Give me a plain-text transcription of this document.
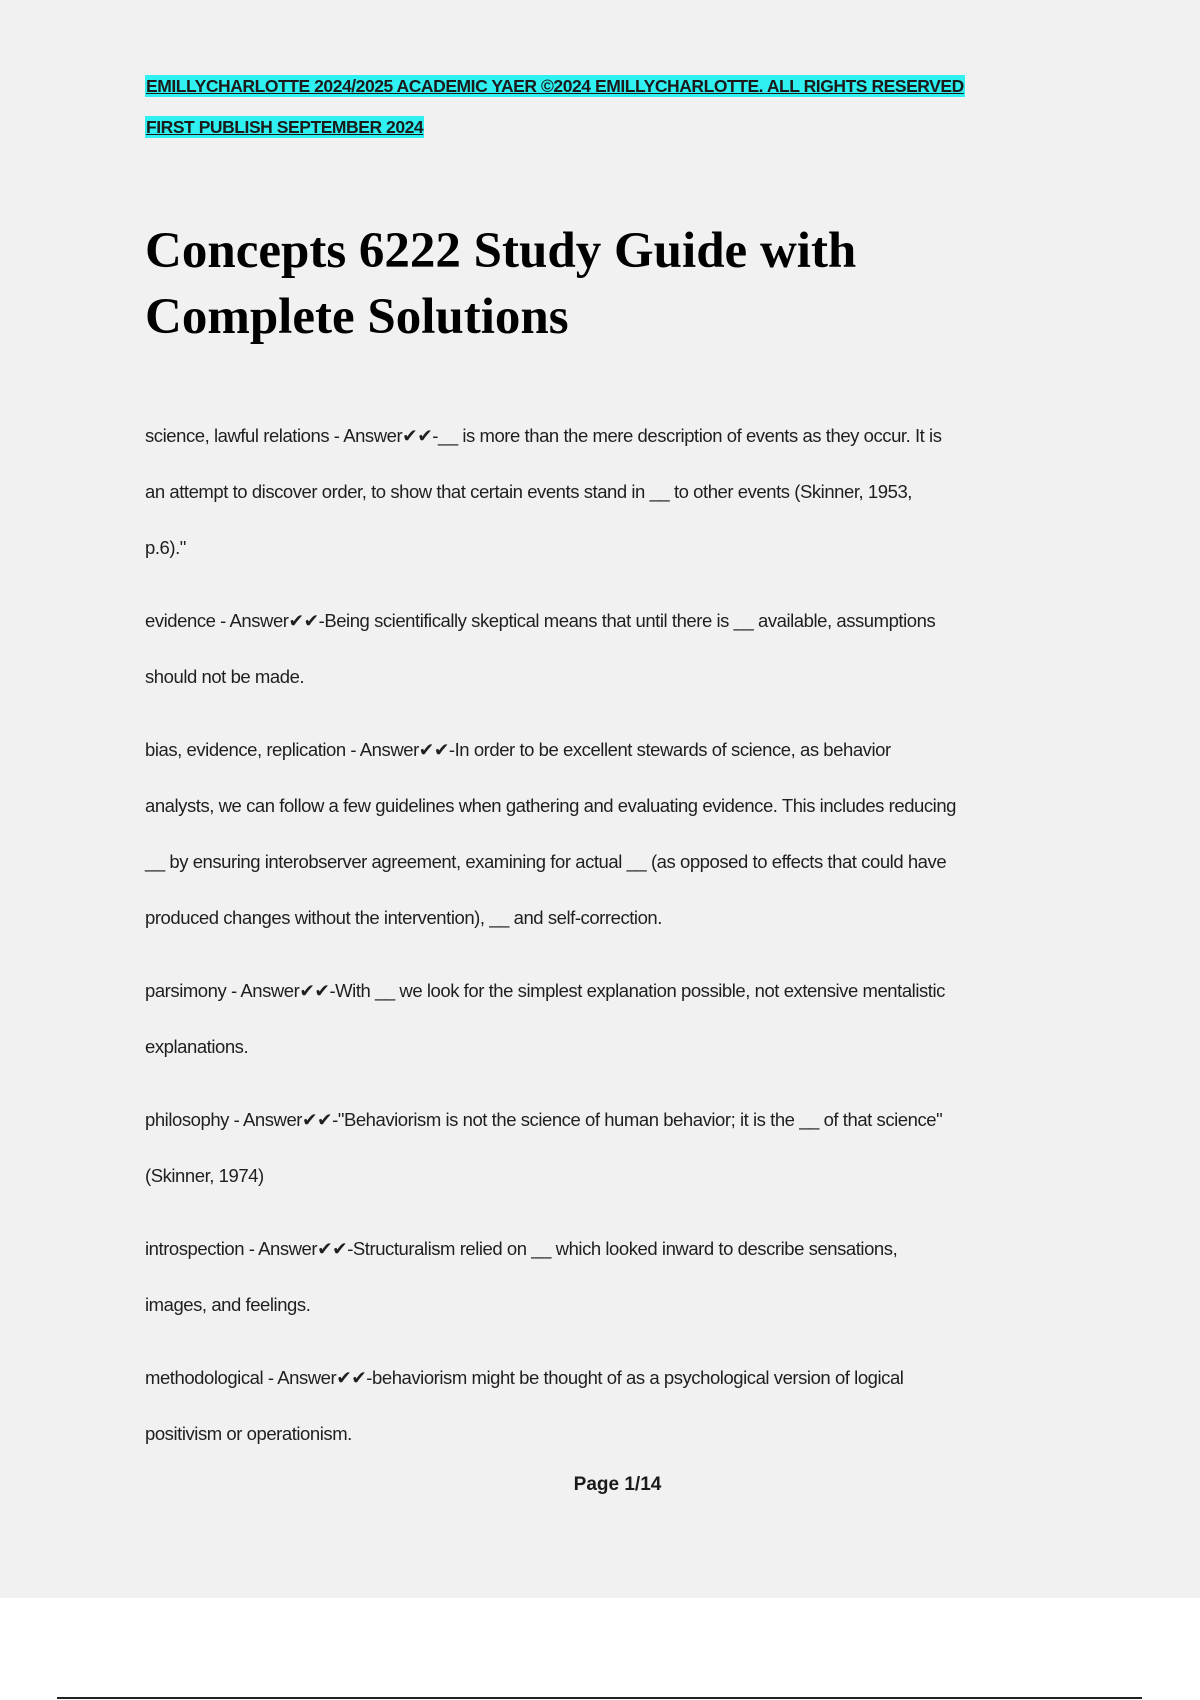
EMILLYCHARLOTTE 2024/2025 ACADEMIC YAER ©2024 EMILLYCHARLOTTE. ALL RIGHTS RESERVED
FIRST PUBLISH SEPTEMBER 2024
Concepts 6222 Study Guide with
Complete Solutions

science, lawful relations - Answer✔✔-__ is more than the mere description of events as they occur. It is
an attempt to discover order, to show that certain events stand in __ to other events (Skinner, 1953,
p.6)."

evidence - Answer✔✔-Being scientifically skeptical means that until there is __ available, assumptions
should not be made.

bias, evidence, replication - Answer✔✔-In order to be excellent stewards of science, as behavior
analysts, we can follow a few guidelines when gathering and evaluating evidence. This includes reducing
__ by ensuring interobserver agreement, examining for actual __ (as opposed to effects that could have
produced changes without the intervention), __ and self-correction.

parsimony - Answer✔✔-With __ we look for the simplest explanation possible, not extensive mentalistic
explanations.

philosophy - Answer✔✔-"Behaviorism is not the science of human behavior; it is the __ of that science"
(Skinner, 1974)

introspection - Answer✔✔-Structuralism relied on __ which looked inward to describe sensations,
images, and feelings.

methodological - Answer✔✔-behaviorism might be thought of as a psychological version of logical
positivism or operationism.

Page 1/14
